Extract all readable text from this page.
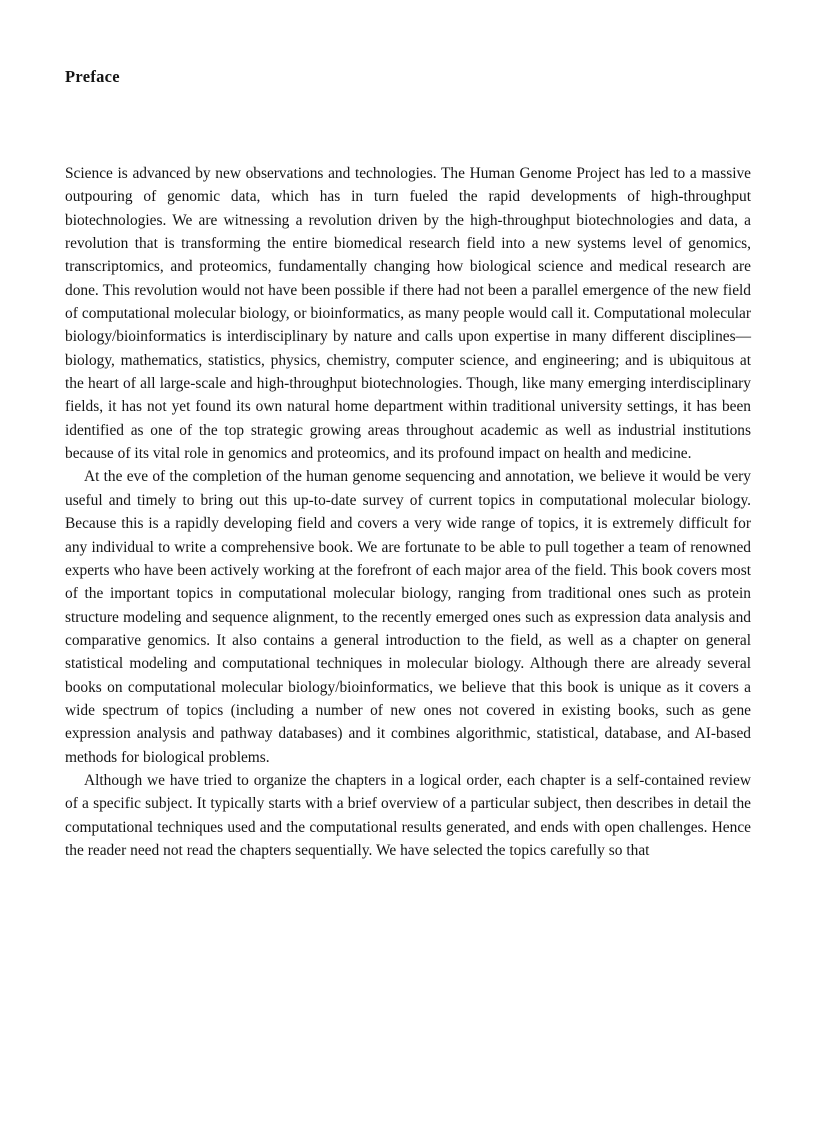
Preface

Science is advanced by new observations and technologies. The Human Genome Project has led to a massive outpouring of genomic data, which has in turn fueled the rapid developments of high-throughput biotechnologies. We are witnessing a revolution driven by the high-throughput biotechnologies and data, a revolution that is transforming the entire biomedical research field into a new systems level of genomics, transcriptomics, and proteomics, fundamentally changing how biological science and medical research are done. This revolution would not have been possible if there had not been a parallel emergence of the new field of computational molecular biology, or bioinformatics, as many people would call it. Computational molecular biology/bioinformatics is interdisciplinary by nature and calls upon expertise in many different disciplines—biology, mathematics, statistics, physics, chemistry, computer science, and engineering; and is ubiquitous at the heart of all large-scale and high-throughput biotechnologies. Though, like many emerging interdisciplinary fields, it has not yet found its own natural home department within traditional university settings, it has been identified as one of the top strategic growing areas throughout academic as well as industrial institutions because of its vital role in genomics and proteomics, and its profound impact on health and medicine.

At the eve of the completion of the human genome sequencing and annotation, we believe it would be very useful and timely to bring out this up-to-date survey of current topics in computational molecular biology. Because this is a rapidly developing field and covers a very wide range of topics, it is extremely difficult for any individual to write a comprehensive book. We are fortunate to be able to pull together a team of renowned experts who have been actively working at the forefront of each major area of the field. This book covers most of the important topics in computational molecular biology, ranging from traditional ones such as protein structure modeling and sequence alignment, to the recently emerged ones such as expression data analysis and comparative genomics. It also contains a general introduction to the field, as well as a chapter on general statistical modeling and computational techniques in molecular biology. Although there are already several books on computational molecular biology/bioinformatics, we believe that this book is unique as it covers a wide spectrum of topics (including a number of new ones not covered in existing books, such as gene expression analysis and pathway databases) and it combines algorithmic, statistical, database, and AI-based methods for biological problems.

Although we have tried to organize the chapters in a logical order, each chapter is a self-contained review of a specific subject. It typically starts with a brief overview of a particular subject, then describes in detail the computational techniques used and the computational results generated, and ends with open challenges. Hence the reader need not read the chapters sequentially. We have selected the topics carefully so that
